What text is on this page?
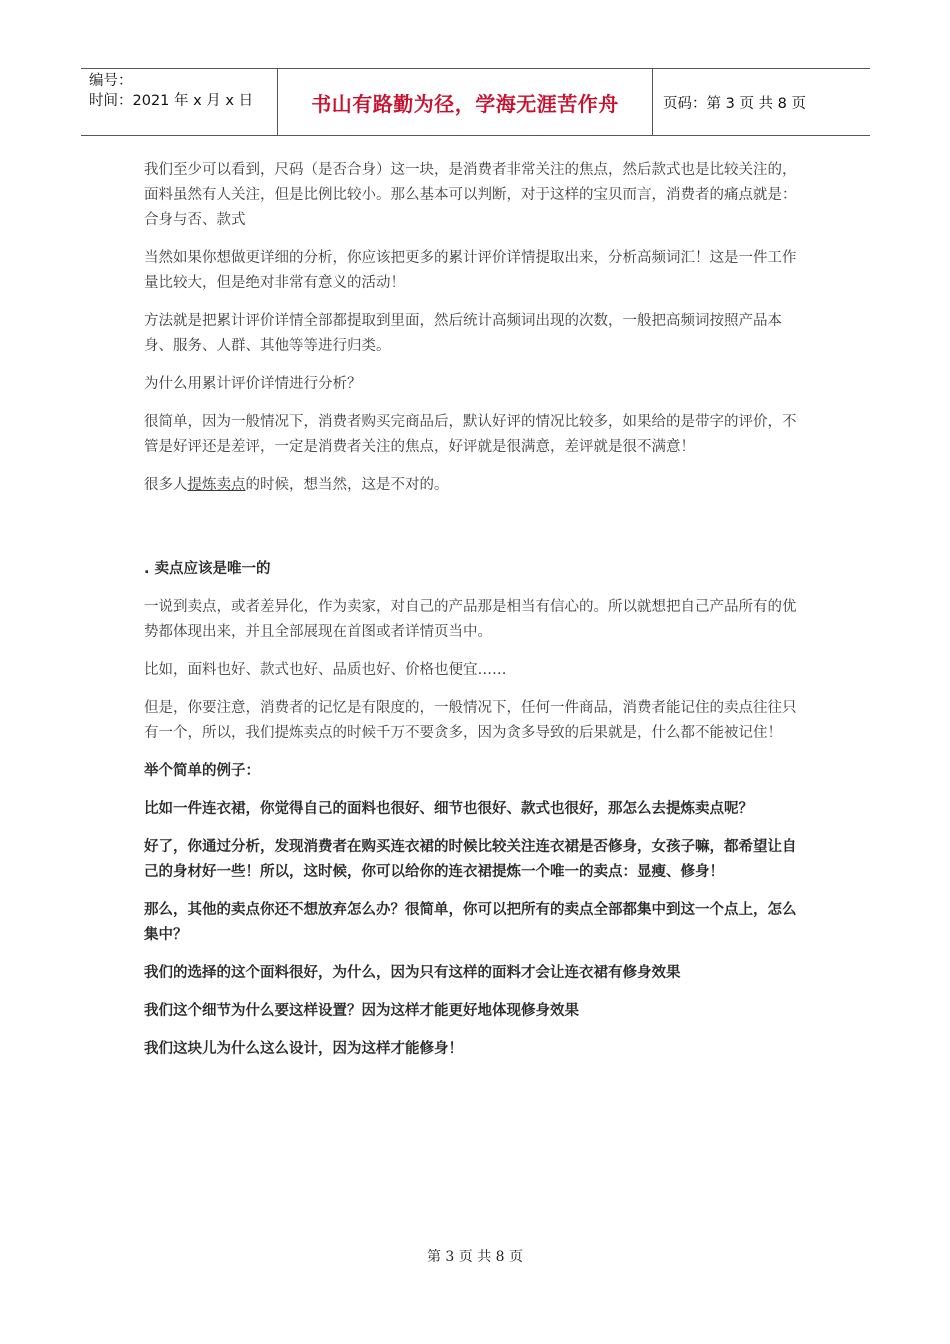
编号：
时间：2021 年 x 月 x 日	书山有路勤为径，学海无涯苦作舟	页码：第 3 页 共 8 页

我们至少可以看到，尺码（是否合身）这一块，是消费者非常关注的焦点，然后款式也是比较关注的，面料虽然有人关注，但是比例比较小。那么基本可以判断，对于这样的宝贝而言，消费者的痛点就是：合身与否、款式

当然如果你想做更详细的分析，你应该把更多的累计评价详情提取出来，分析高频词汇！这是一件工作量比较大，但是绝对非常有意义的活动！

方法就是把累计评价详情全部都提取到里面，然后统计高频词出现的次数，一般把高频词按照产品本身、服务、人群、其他等等进行归类。

为什么用累计评价详情进行分析？

很简单，因为一般情况下，消费者购买完商品后，默认好评的情况比较多，如果给的是带字的评价，不管是好评还是差评，一定是消费者关注的焦点，好评就是很满意，差评就是很不满意！

很多人提炼卖点的时候，想当然，这是不对的。

. 卖点应该是唯一的

一说到卖点，或者差异化，作为卖家，对自己的产品那是相当有信心的。所以就想把自己产品所有的优势都体现出来，并且全部展现在首图或者详情页当中。

比如，面料也好、款式也好、品质也好、价格也便宜……

但是，你要注意，消费者的记忆是有限度的，一般情况下，任何一件商品，消费者能记住的卖点往往只有一个，所以，我们提炼卖点的时候千万不要贪多，因为贪多导致的后果就是，什么都不能被记住！

举个简单的例子：

比如一件连衣裙，你觉得自己的面料也很好、细节也很好、款式也很好，那怎么去提炼卖点呢？

好了，你通过分析，发现消费者在购买连衣裙的时候比较关注连衣裙是否修身，女孩子嘛，都希望让自己的身材好一些！所以，这时候，你可以给你的连衣裙提炼一个唯一的卖点：显瘦、修身！

那么，其他的卖点你还不想放弃怎么办？很简单，你可以把所有的卖点全部都集中到这一个点上，怎么集中？

我们的选择的这个面料很好，为什么，因为只有这样的面料才会让连衣裙有修身效果

我们这个细节为什么要这样设置？因为这样才能更好地体现修身效果

我们这块儿为什么这么设计，因为这样才能修身！

第 3 页 共 8 页
